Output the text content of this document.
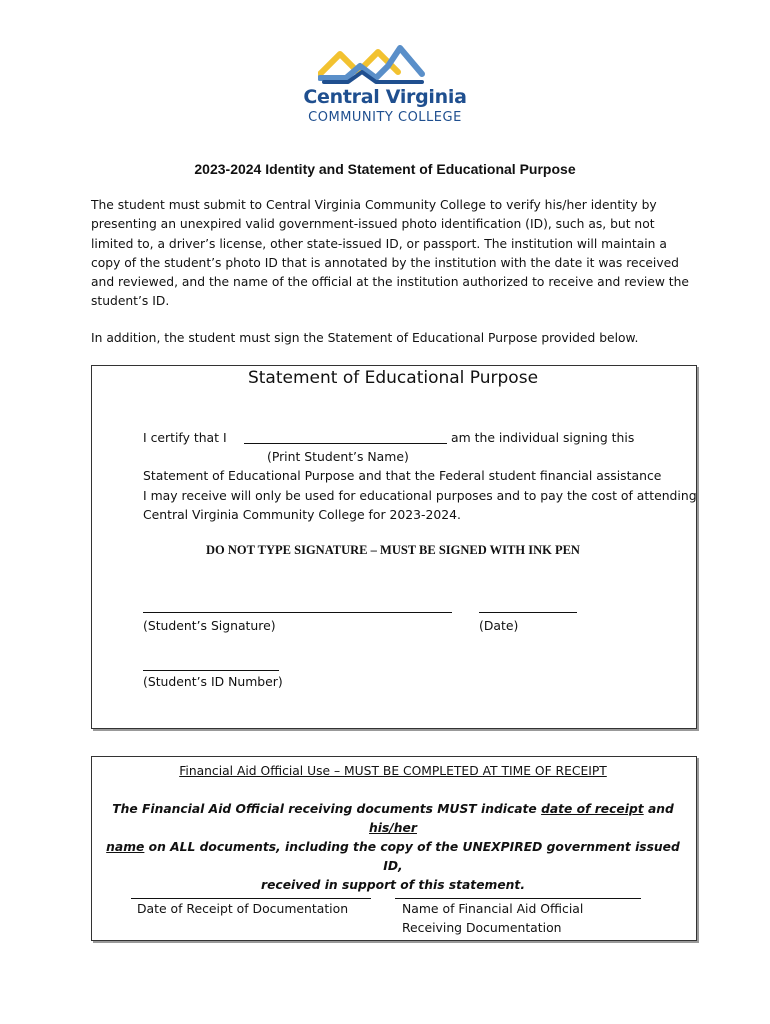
Central Virginia
COMMUNITY COLLEGE
2023-2024 Identity and Statement of Educational Purpose
The student must submit to Central Virginia Community College to verify his/her identity by presenting an unexpired valid government-issued photo identification (ID), such as, but not limited to, a driver’s license, other state-issued ID, or passport. The institution will maintain a copy of the student’s photo ID that is annotated by the institution with the date it was received and reviewed, and the name of the official at the institution authorized to receive and review the student’s ID.
In addition, the student must sign the Statement of Educational Purpose provided below.
Statement of Educational Purpose
I certify that I	am the individual signing this
(Print Student’s Name)
Statement of Educational Purpose and that the Federal student financial assistance
I may receive will only be used for educational purposes and to pay the cost of attending
Central Virginia Community College for 2023-2024.
DO NOT TYPE SIGNATURE – MUST BE SIGNED WITH INK PEN
(Student’s Signature)	(Date)
(Student’s ID Number)
Financial Aid Official Use – MUST BE COMPLETED AT TIME OF RECEIPT
The Financial Aid Official receiving documents MUST indicate date of receipt and his/her
name on ALL documents, including the copy of the UNEXPIRED government issued ID,
received in support of this statement.
Date of Receipt of Documentation	Name of Financial Aid Official
Receiving Documentation
